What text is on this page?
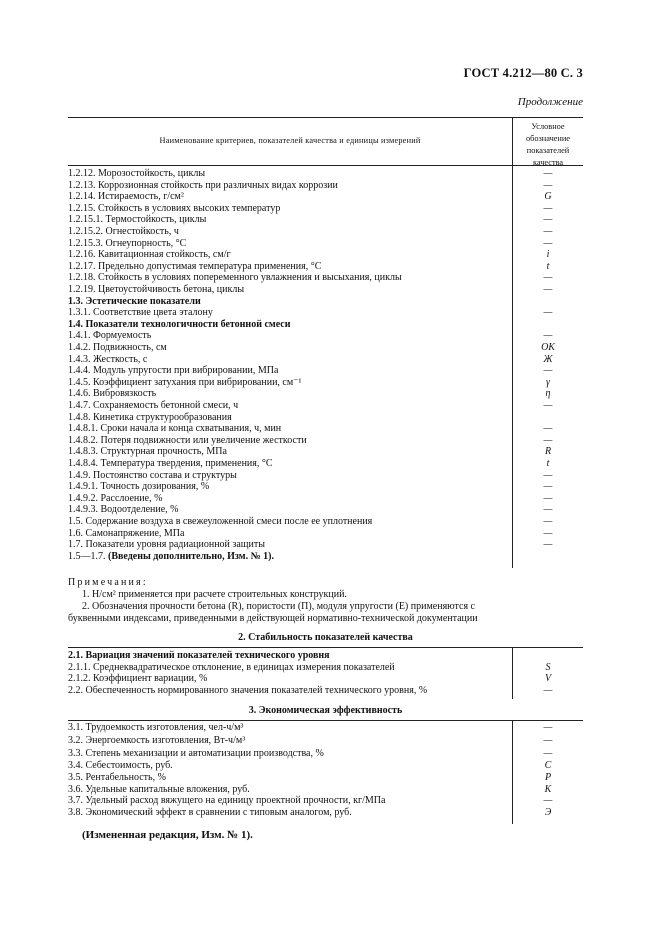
ГОСТ 4.212—80 С. 3
Продолжение
Наименование критериев, показателей качества и единицы измерений
Условное
обозначение
показателей
качества
1.2.12. Морозостойкость, циклы	—
1.2.13. Коррозионная стойкость при различных видах коррозии	—
1.2.14. Истираемость, г/см²	G
1.2.15. Стойкость в условиях высоких температур	—
1.2.15.1. Термостойкость, циклы	—
1.2.15.2. Огнестойкость, ч	—
1.2.15.3. Огнеупорность, °С	—
1.2.16. Кавитационная стойкость, см/г	i
1.2.17. Предельно допустимая температура применения, °С	t
1.2.18. Стойкость в условиях попеременного увлажнения и высыхания, циклы	—
1.2.19. Цветоустойчивость бетона, циклы	—
1.3. Эстетические показатели
1.3.1. Соответствие цвета эталону	—
1.4. Показатели технологичности бетонной смеси
1.4.1. Формуемость	—
1.4.2. Подвижность, см	ОК
1.4.3. Жесткость, с	Ж
1.4.4. Модуль упругости при вибрировании, МПа	—
1.4.5. Коэффициент затухания при вибрировании, см⁻¹	γ
1.4.6. Вибровязкость	η
1.4.7. Сохраняемость бетонной смеси, ч	—
1.4.8. Кинетика структурообразования
1.4.8.1. Сроки начала и конца схватывания, ч, мин	—
1.4.8.2. Потеря подвижности или увеличение жесткости	—
1.4.8.3. Структурная прочность, МПа	R
1.4.8.4. Температура твердения, применения, °С	t
1.4.9. Постоянство состава и структуры	—
1.4.9.1. Точность дозирования, %	—
1.4.9.2. Расслоение, %	—
1.4.9.3. Водоотделение, %	—
1.5. Содержание воздуха в свежеуложенной смеси после ее уплотнения	—
1.6. Самонапряжение, МПа	—
1.7. Показатели уровня радиационной защиты	—
1.5—1.7. (Введены дополнительно, Изм. № 1).
Примечания:
1. Н/см² применяется при расчете строительных конструкций.
2. Обозначения прочности бетона (R), пористости (П), модуля упругости (Е) применяются с
буквенными индексами, приведенными в действующей нормативно-технической документации
2. Стабильность показателей качества
2.1. Вариация значений показателей технического уровня
2.1.1. Среднеквадратическое отклонение, в единицах измерения показателей	S
2.1.2. Коэффициент вариации, %	V
2.2. Обеспеченность нормированного значения показателей технического уровня, %	—
3. Экономическая эффективность
3.1. Трудоемкость изготовления, чел-ч/м³	—
3.2. Энергоемкость изготовления, Вт-ч/м³	—
3.3. Степень механизации и автоматизации производства, %	—
3.4. Себестоимость, руб.	С
3.5. Рентабельность, %	Р
3.6. Удельные капитальные вложения, руб.	К
3.7. Удельный расход вяжущего на единицу проектной прочности, кг/МПа	—
3.8. Экономический эффект в сравнении с типовым аналогом, руб.	Э
(Измененная редакция, Изм. № 1).
